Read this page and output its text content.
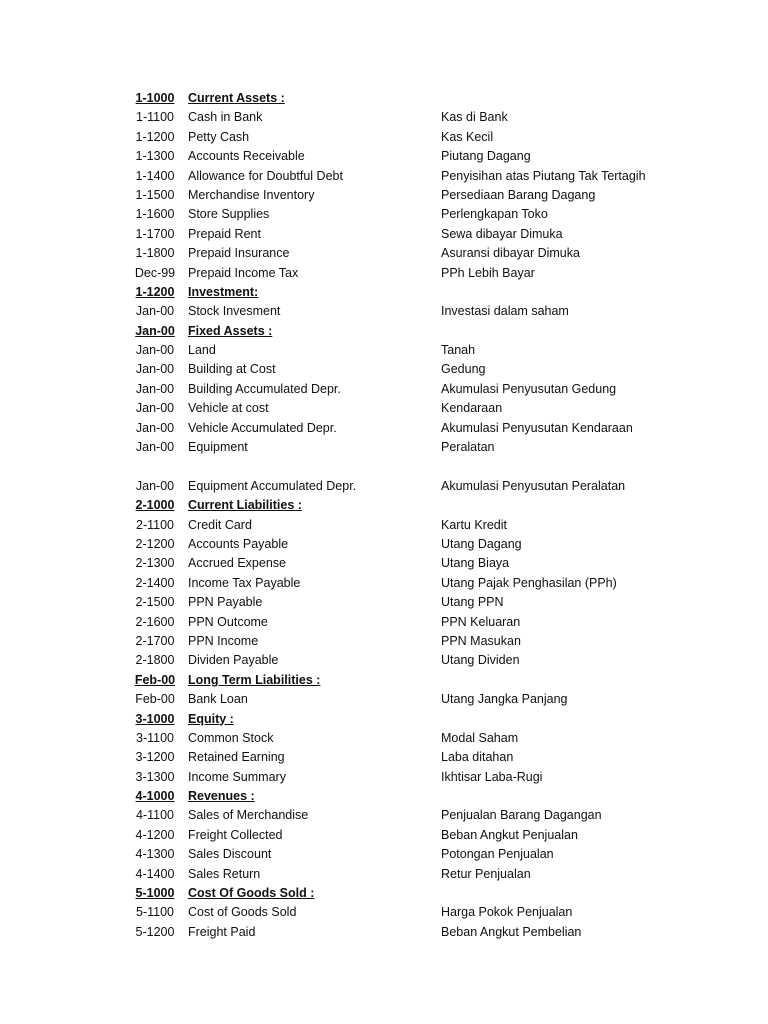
1-1000 Current Assets :
1-1100 Cash in Bank	Kas di Bank
1-1200 Petty Cash	Kas Kecil
1-1300 Accounts Receivable	Piutang Dagang
1-1400 Allowance for Doubtful Debt	Penyisihan atas Piutang Tak Tertagih
1-1500 Merchandise Inventory	Persediaan Barang Dagang
1-1600 Store Supplies	Perlengkapan Toko
1-1700 Prepaid Rent	Sewa dibayar Dimuka
1-1800 Prepaid Insurance	Asuransi dibayar Dimuka
Dec-99 Prepaid Income Tax	PPh Lebih Bayar
1-1200 Investment:
Jan-00 Stock Invesment	Investasi dalam saham
Jan-00 Fixed Assets :
Jan-00 Land	Tanah
Jan-00 Building at Cost	Gedung
Jan-00 Building Accumulated Depr.	Akumulasi Penyusutan Gedung
Jan-00 Vehicle at cost	Kendaraan
Jan-00 Vehicle Accumulated Depr.	Akumulasi Penyusutan Kendaraan
Jan-00 Equipment	Peralatan
Jan-00 Equipment Accumulated Depr.	Akumulasi Penyusutan Peralatan
2-1000 Current Liabilities :
2-1100 Credit Card	Kartu Kredit
2-1200 Accounts Payable	Utang Dagang
2-1300 Accrued Expense	Utang Biaya
2-1400 Income Tax Payable	Utang Pajak Penghasilan (PPh)
2-1500 PPN Payable	Utang PPN
2-1600 PPN Outcome	PPN Keluaran
2-1700 PPN Income	PPN Masukan
2-1800 Dividen Payable	Utang Dividen
Feb-00 Long Term Liabilities :
Feb-00 Bank Loan	Utang Jangka Panjang
3-1000 Equity :
3-1100 Common Stock	Modal Saham
3-1200 Retained Earning	Laba ditahan
3-1300 Income Summary	Ikhtisar Laba-Rugi
4-1000 Revenues :
4-1100 Sales of Merchandise	Penjualan Barang Dagangan
4-1200 Freight Collected	Beban Angkut Penjualan
4-1300 Sales Discount	Potongan Penjualan
4-1400 Sales Return	Retur Penjualan
5-1000 Cost Of Goods Sold :
5-1100 Cost of Goods Sold	Harga Pokok Penjualan
5-1200 Freight Paid	Beban Angkut Pembelian
